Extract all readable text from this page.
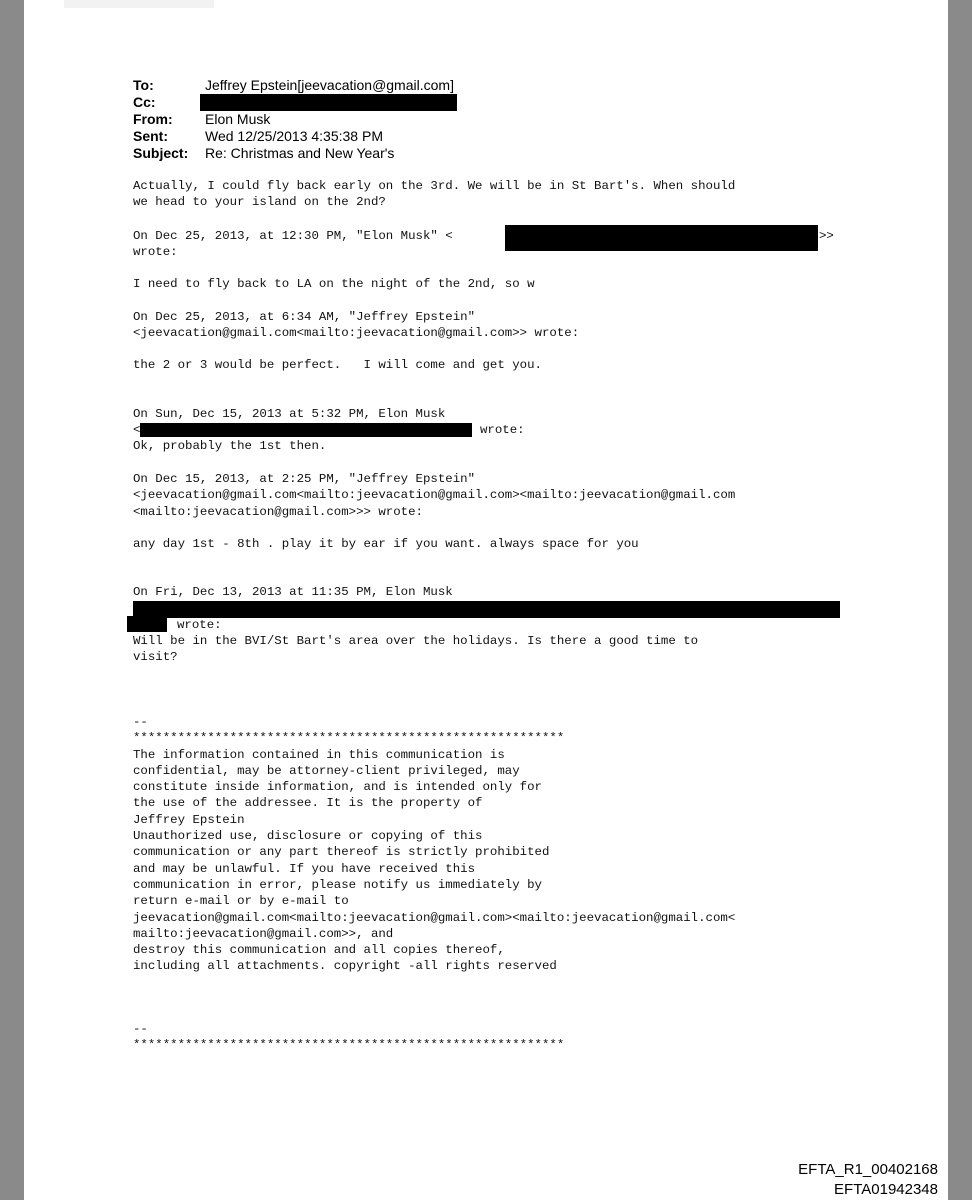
To:	Jeffrey Epstein[jeevacation@gmail.com]
Cc:
From: Elon Musk
Sent:	Wed 12/25/2013 4:35:38 PM
Subject: Re: Christmas and New Year's
Actually, I could fly back early on the 3rd. We will be in St Bart's. When should
we head to your island on the 2nd?
On Dec 25, 2013, at 12:30 PM, "Elon Musk" <	>>
wrote:
I need to fly back to LA on the night of the 2nd, so w
On Dec 25, 2013, at 6:34 AM, "Jeffrey Epstein"
<jeevacation@gmail.com<mailto:jeevacation@gmail.com>> wrote:
the 2 or 3 would be perfect.   I will come and get you.
On Sun, Dec 15, 2013 at 5:32 PM, Elon Musk
<	wrote:
Ok, probably the 1st then.
On Dec 15, 2013, at 2:25 PM, "Jeffrey Epstein"
<jeevacation@gmail.com<mailto:jeevacation@gmail.com><mailto:jeevacation@gmail.com
<mailto:jeevacation@gmail.com>>> wrote:
any day 1st - 8th . play it by ear if you want. always space for you
On Fri, Dec 13, 2013 at 11:35 PM, Elon Musk
wrote:
Will be in the BVI/St Bart's area over the holidays. Is there a good time to
visit?
--
**********************************************************
The information contained in this communication is
confidential, may be attorney-client privileged, may
constitute inside information, and is intended only for
the use of the addressee. It is the property of
Jeffrey Epstein
Unauthorized use, disclosure or copying of this
communication or any part thereof is strictly prohibited
and may be unlawful. If you have received this
communication in error, please notify us immediately by
return e-mail or by e-mail to
jeevacation@gmail.com<mailto:jeevacation@gmail.com><mailto:jeevacation@gmail.com<
mailto:jeevacation@gmail.com>>, and
destroy this communication and all copies thereof,
including all attachments. copyright -all rights reserved
--
**********************************************************
EFTA_R1_00402168
EFTA01942348
